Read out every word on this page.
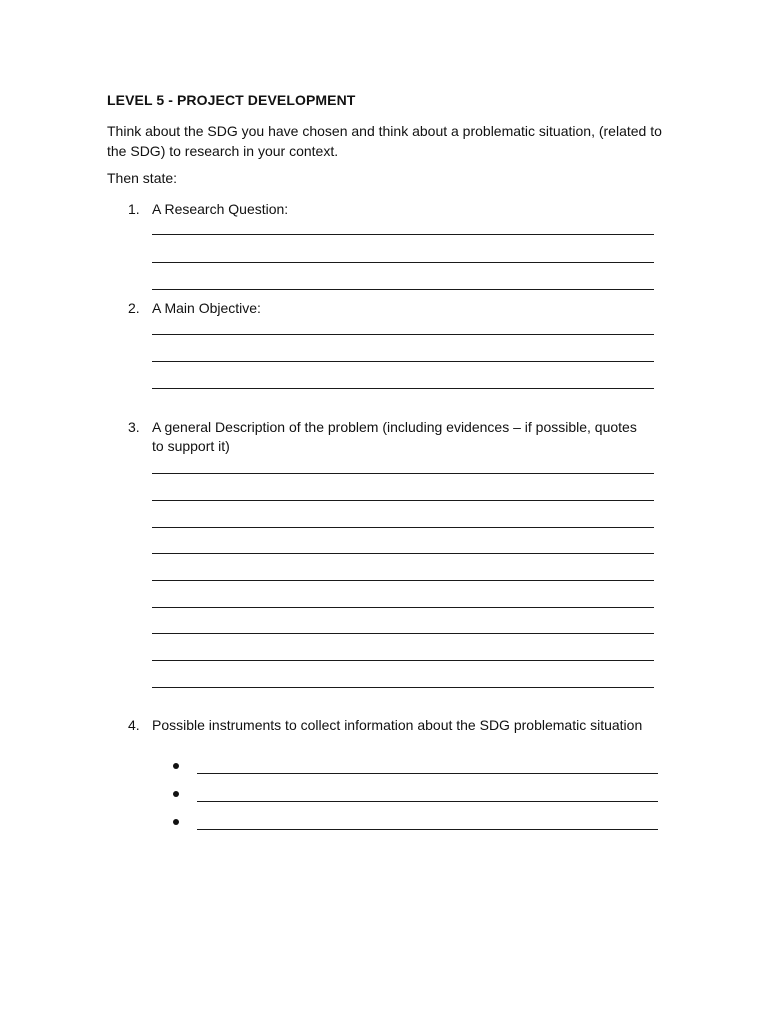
LEVEL 5 - PROJECT DEVELOPMENT
Think about the SDG you have chosen and think about a problematic situation, (related to the SDG) to research in your context.
Then state:
1. A Research Question:
2. A Main Objective:
3. A general Description of the problem (including evidences – if possible, quotes to support it)
4. Possible instruments to collect information about the SDG problematic situation
